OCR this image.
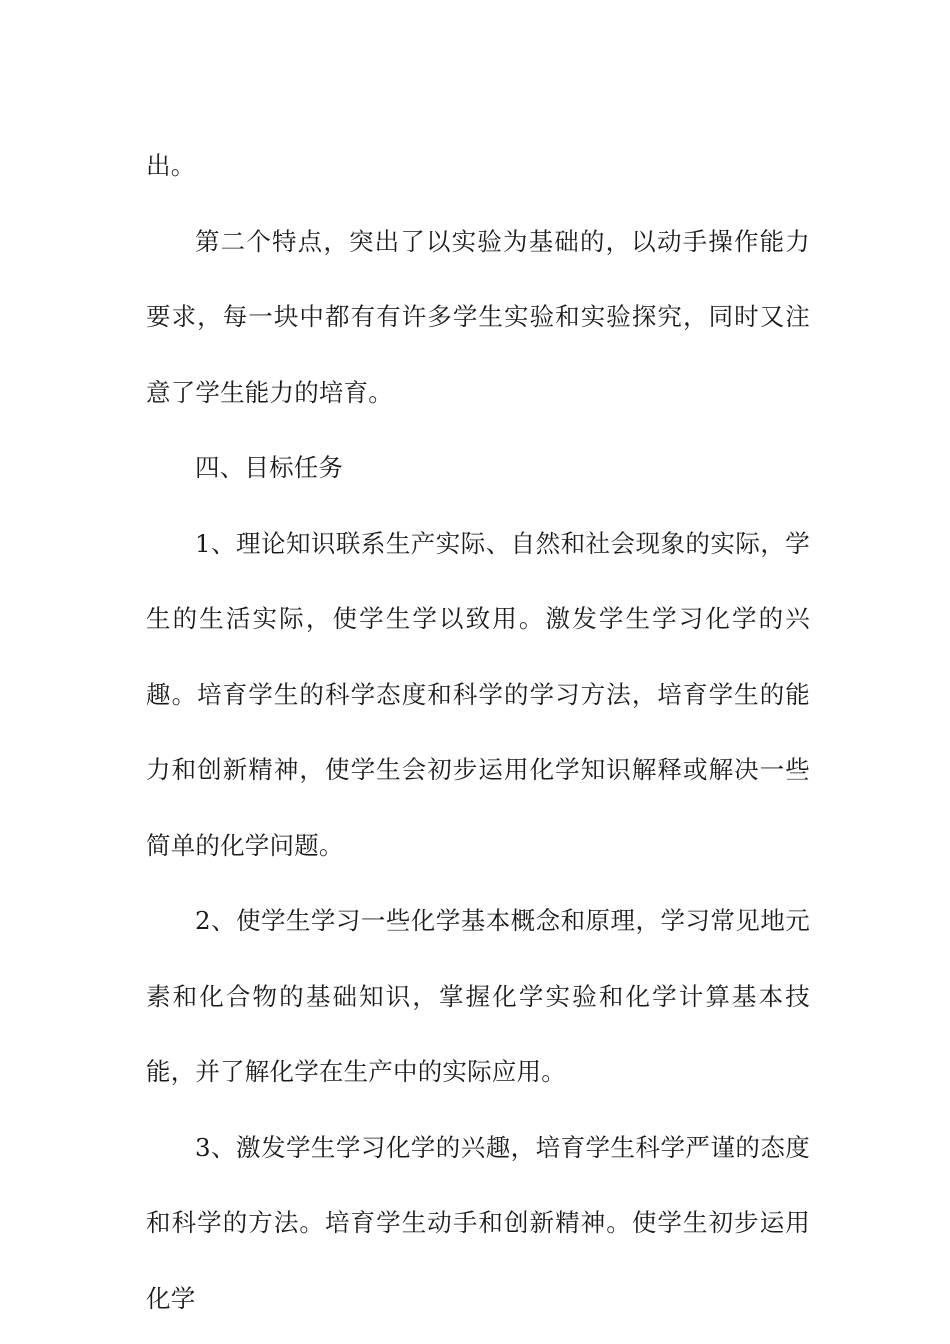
出。

第二个特点，突出了以实验为基础的，以动手操作能力要求，每一块中都有有许多学生实验和实验探究，同时又注意了学生能力的培育。

四、目标任务

1、理论知识联系生产实际、自然和社会现象的实际，学生的生活实际，使学生学以致用。激发学生学习化学的兴趣。培育学生的科学态度和科学的学习方法，培育学生的能力和创新精神，使学生会初步运用化学知识解释或解决一些简单的化学问题。

2、使学生学习一些化学基本概念和原理，学习常见地元素和化合物的基础知识，掌握化学实验和化学计算基本技能，并了解化学在生产中的实际应用。

3、激发学生学习化学的兴趣，培育学生科学严谨的态度和科学的方法。培育学生动手和创新精神。使学生初步运用化学
